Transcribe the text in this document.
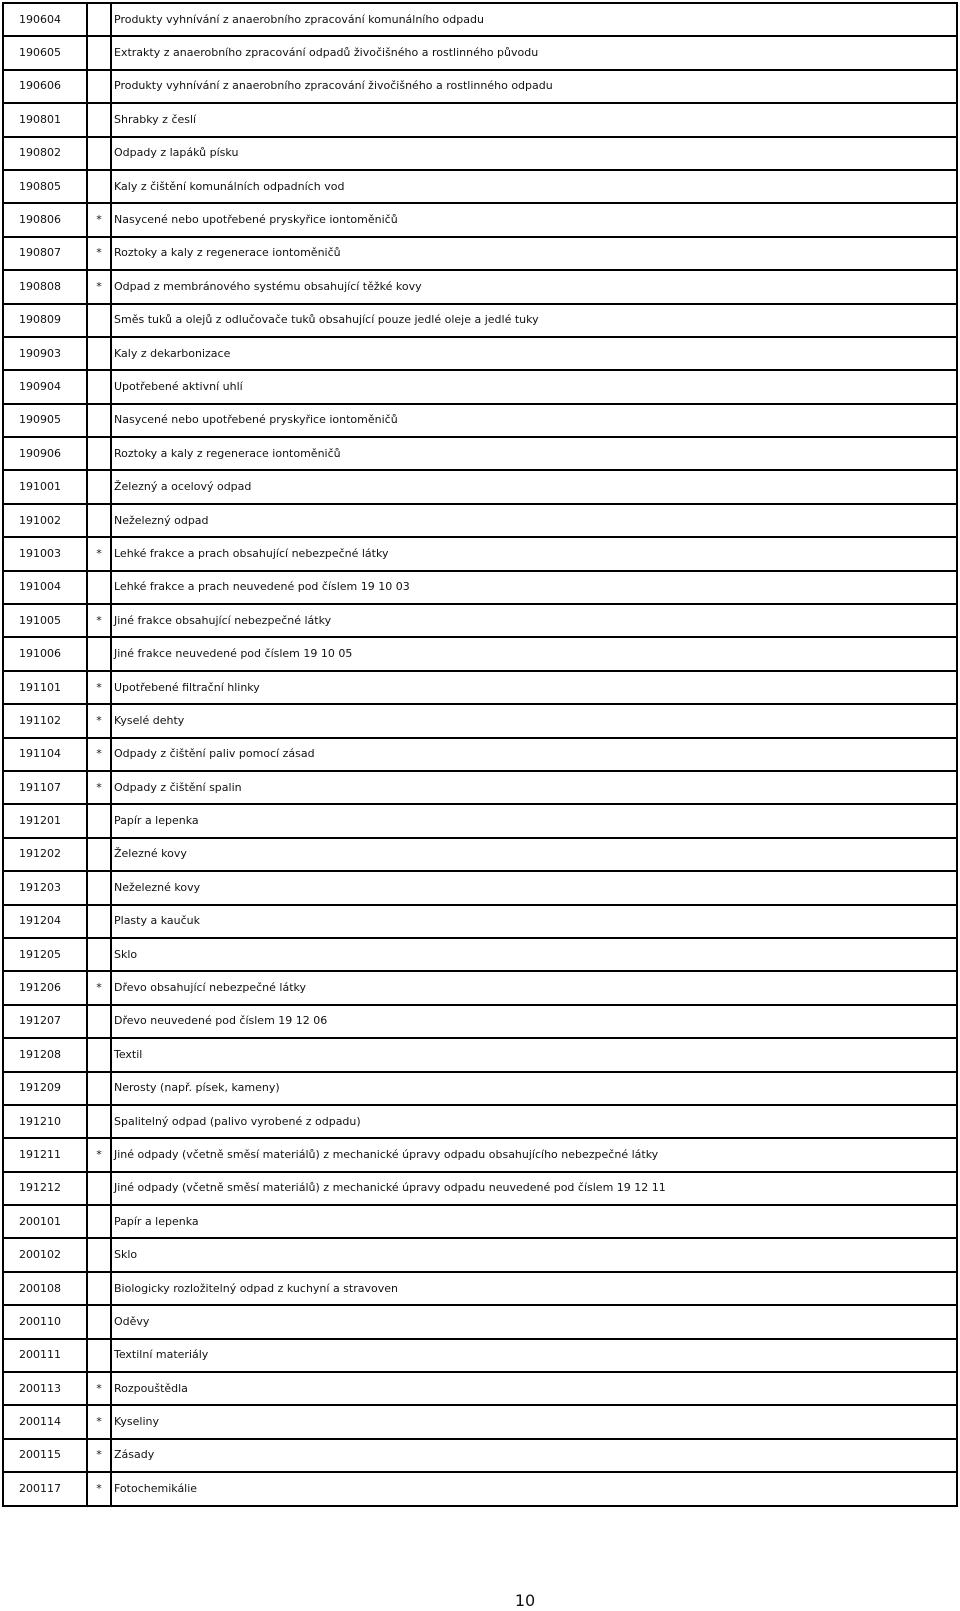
190604		Produkty vyhnívání z anaerobního zpracování komunálního odpadu
190605		Extrakty z anaerobního zpracování odpadů živočišného a rostlinného původu
190606		Produkty vyhnívání z anaerobního zpracování živočišného a rostlinného odpadu
190801		Shrabky z česlí
190802		Odpady z lapáků písku
190805		Kaly z čištění komunálních odpadních vod
190806	*	Nasycené nebo upotřebené pryskyřice iontoměničů
190807	*	Roztoky a kaly z regenerace iontoměničů
190808	*	Odpad z membránového systému obsahující těžké kovy
190809		Směs tuků a olejů z odlučovače tuků obsahující pouze jedlé oleje a jedlé tuky
190903		Kaly z dekarbonizace
190904		Upotřebené aktivní uhlí
190905		Nasycené nebo upotřebené pryskyřice iontoměničů
190906		Roztoky a kaly z regenerace iontoměničů
191001		Železný a ocelový odpad
191002		Neželezný odpad
191003	*	Lehké frakce a prach obsahující nebezpečné látky
191004		Lehké frakce a prach neuvedené pod číslem 19 10 03
191005	*	Jiné frakce obsahující nebezpečné látky
191006		Jiné frakce neuvedené pod číslem 19 10 05
191101	*	Upotřebené filtrační hlinky
191102	*	Kyselé dehty
191104	*	Odpady z čištění paliv pomocí zásad
191107	*	Odpady z čištění spalin
191201		Papír a lepenka
191202		Železné kovy
191203		Neželezné kovy
191204		Plasty a kaučuk
191205		Sklo
191206	*	Dřevo obsahující nebezpečné látky
191207		Dřevo neuvedené pod číslem 19 12 06
191208		Textil
191209		Nerosty (např. písek, kameny)
191210		Spalitelný odpad (palivo vyrobené z odpadu)
191211	*	Jiné odpady (včetně směsí materiálů) z mechanické úpravy odpadu obsahujícího nebezpečné látky
191212		Jiné odpady (včetně směsí materiálů) z mechanické úpravy odpadu neuvedené pod číslem 19 12 11
200101		Papír a lepenka
200102		Sklo
200108		Biologicky rozložitelný odpad z kuchyní a stravoven
200110		Oděvy
200111		Textilní materiály
200113	*	Rozpouštědla
200114	*	Kyseliny
200115	*	Zásady
200117	*	Fotochemikálie
10
